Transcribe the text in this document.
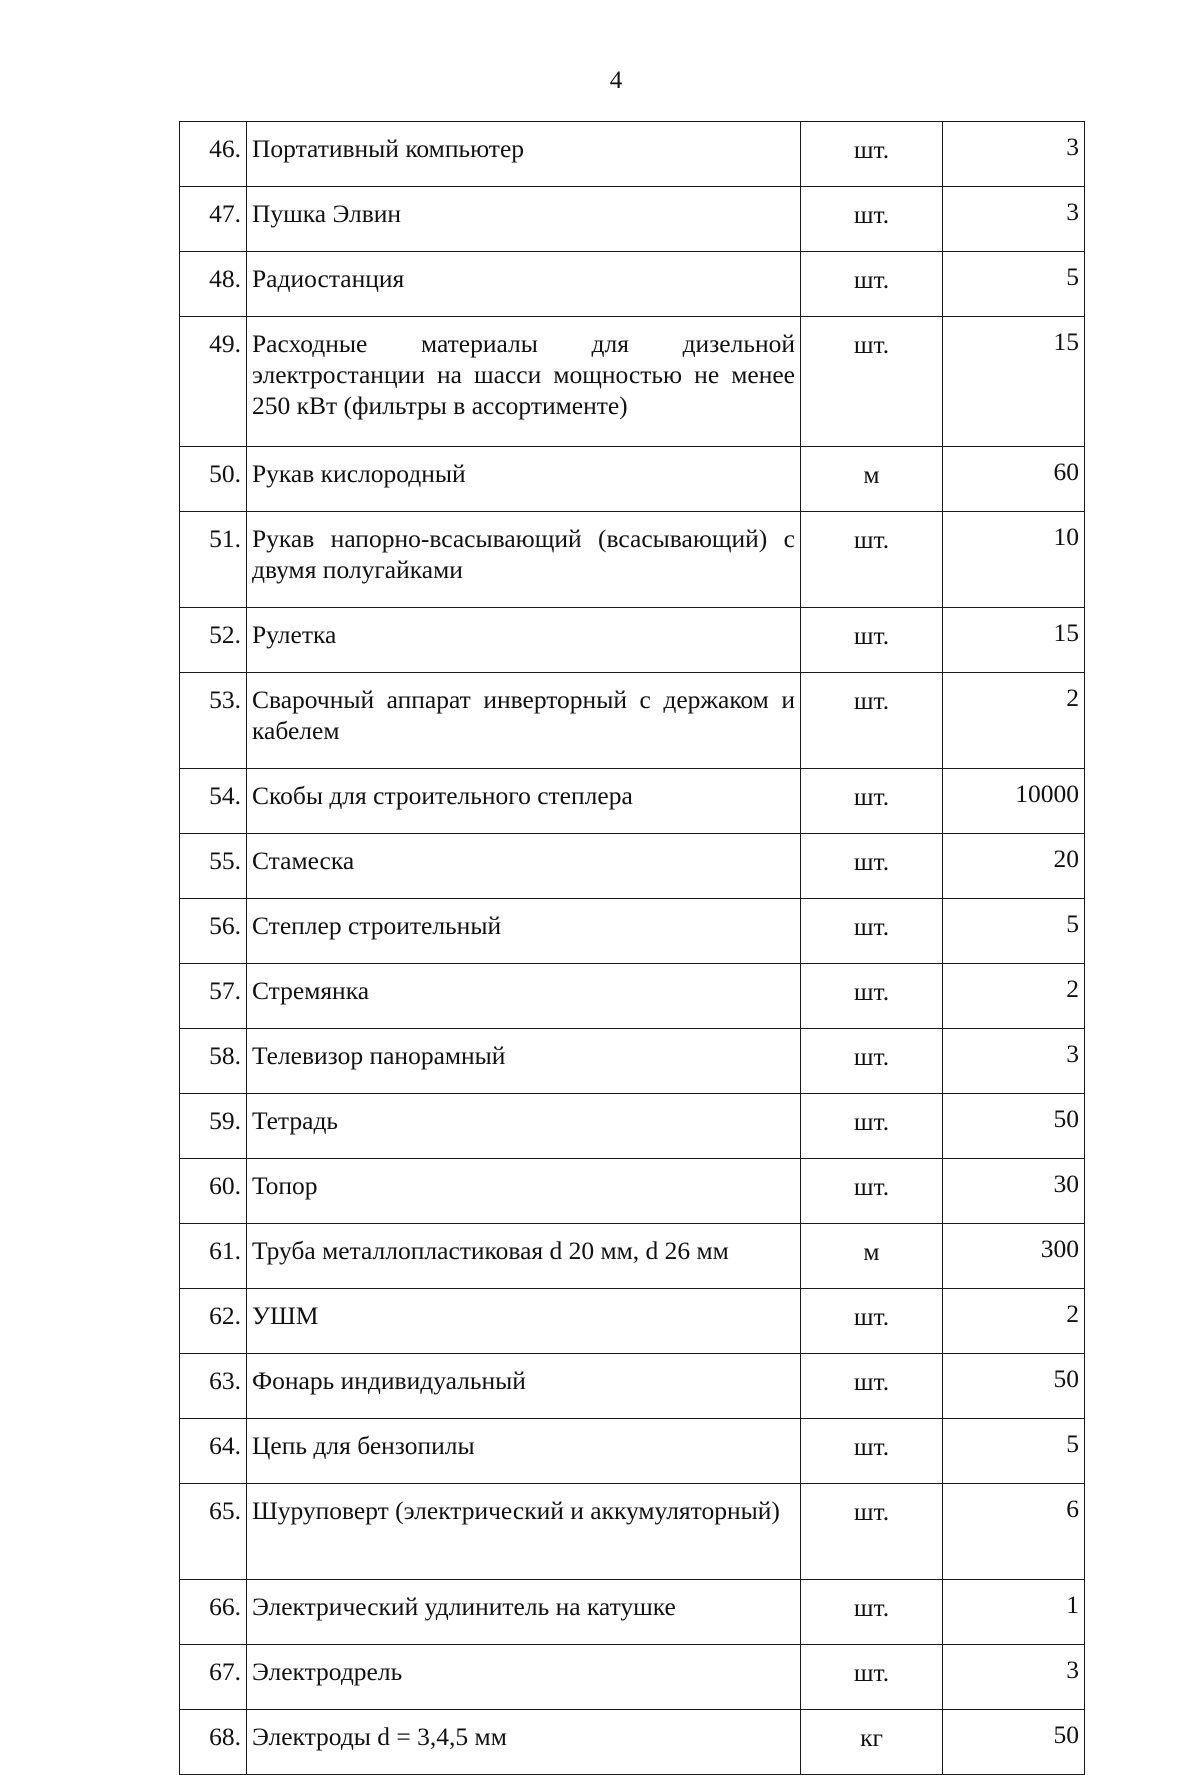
4
46.	Портативный компьютер	шт.	3
47.	Пушка Элвин	шт.	3
48.	Радиостанция	шт.	5
49.	Расходные материалы для дизельной электростанции на шасси мощностью не менее 250 кВт (фильтры в ассортименте)	шт.	15
50.	Рукав кислородный	м	60
51.	Рукав напорно-всасывающий (всасывающий) с двумя полугайками	шт.	10
52.	Рулетка	шт.	15
53.	Сварочный аппарат инверторный с держаком и кабелем	шт.	2
54.	Скобы для строительного степлера	шт.	10000
55.	Стамеска	шт.	20
56.	Степлер строительный	шт.	5
57.	Стремянка	шт.	2
58.	Телевизор панорамный	шт.	3
59.	Тетрадь	шт.	50
60.	Топор	шт.	30
61.	Труба металлопластиковая d 20 мм, d 26 мм	м	300
62.	УШМ	шт.	2
63.	Фонарь индивидуальный	шт.	50
64.	Цепь для бензопилы	шт.	5
65.	Шуруповерт (электрический и аккумуляторный)	шт.	6
66.	Электрический удлинитель на катушке	шт.	1
67.	Электродрель	шт.	3
68.	Электроды d = 3,4,5 мм	кг	50
